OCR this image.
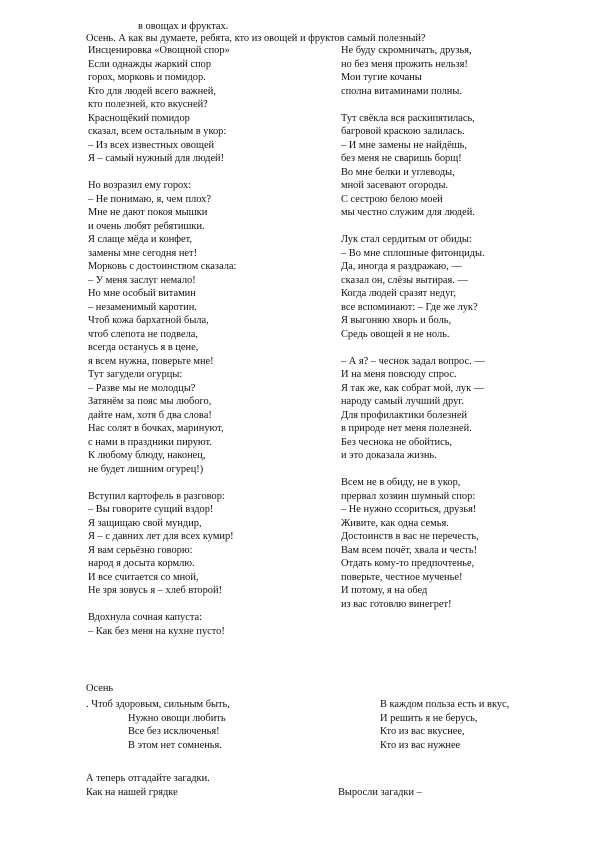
в овощах и фруктах.
Осень. А как вы думаете, ребята, кто из овощей и фруктов самый полезный?
Инсценировка «Овощной спор»
Если однажды жаркий спор
горох, морковь и помидор.
Кто для людей всего важней,
кто полезней, кто вкусней?
Краснощёкий помидор
сказал, всем остальным в укор:
– Из всех известных овощей
Я – самый нужный для людей!
Но возразил ему горох:
– Не понимаю, я, чем плох?
Мне не дают покоя мышки
и очень любят ребятишки.
Я слаще мёда и конфет,
замены мне сегодня нет!
Морковь с достоинством сказала:
– У меня заслуг немало!
Но мне особый витамин
– незаменимый каротин.
Чтоб кожа бархатной была,
чтоб слепота не подвела,
всегда останусь я в цене,
я всем нужна, поверьте мне!
Тут загудели огурцы:
– Разве мы не молодцы?
Затянём за пояс мы любого,
дайте нам, хотя б два слова!
Нас солят в бочках, маринуют,
с нами в праздники пируют.
К любому блюду, наконец,
не будет лишним огурец!)
Вступил картофель в разговор:
– Вы говорите сущий вздор!
Я защищаю свой мундир,
Я – с давних лет для всех кумир!
Я вам серьёзно говорю:
народ я досыта кормлю.
И все считается со мной,
Не зря зовусь я – хлеб второй!
Вдохнула сочная капуста:
– Как без меня на кухне пусто!
Не буду скромничать, друзья,
но без меня прожить нельзя!
Мои тугие кочаны
сполна витаминами полны.
Тут свёкла вся раскипятилась,
багровой краскою залилась.
– И мне замены не найдёшь,
без меня не сваришь борщ!
Во мне белки и углеводы,
мной засевают огороды.
С сестрою белою моей
мы честно служим для людей.
Лук стал сердитым от обиды:
– Во мне сплошные фитонциды.
Да, иногда я раздражаю, —
сказал он, слёзы вытирая. —
Когда людей сразят недуг,
все вспоминают: – Где же лук?
Я выгоняю хворь и боль,
Средь овощей я не ноль.
– А я? – чеснок задал вопрос. —
И на меня повсюду спрос.
Я так же, как собрат мой, лук —
народу самый лучший друг.
Для профилактики болезней
в природе нет меня полезней.
Без чеснока не обойтись,
и это доказала жизнь.
Всем не в обиду, не в укор,
прервал хозяин шумный спор:
– Не нужно ссориться, друзья!
Живите, как одна семья.
Достоинств в вас не перечесть,
Вам всем почёт, хвала и честь!
Отдать кому-то предпочтенье,
поверьте, честное мученье!
И потому, я на обед
из вас готовлю винегрет!
Осень
. Чтоб здоровым, сильным быть,
Нужно овощи любить
Все без исключенья!
В этом нет сомненья.
В каждом польза есть и вкус,
И решить я не берусь,
Кто из вас вкуснее,
Кто из вас нужнее
А теперь отгадайте загадки.
Как на нашей грядке	Выросли загадки –
